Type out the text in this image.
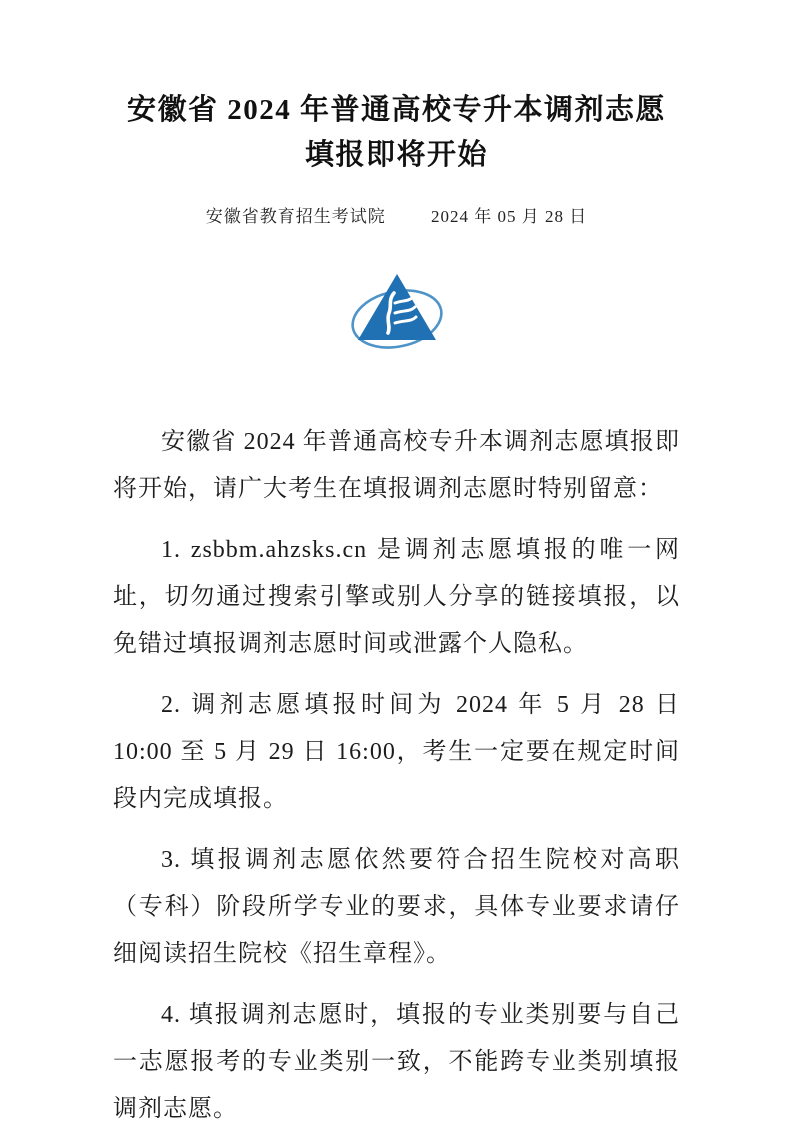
安徽省 2024 年普通高校专升本调剂志愿
填报即将开始
安徽省教育招生考试院	2024 年 05 月 28 日

安徽省 2024 年普通高校专升本调剂志愿填报即将开始，请广大考生在填报调剂志愿时特别留意：

1. zsbbm.ahzsks.cn 是调剂志愿填报的唯一网址，切勿通过搜索引擎或别人分享的链接填报，以免错过填报调剂志愿时间或泄露个人隐私。

2. 调剂志愿填报时间为 2024 年 5 月 28 日 10:00 至 5 月 29 日 16:00，考生一定要在规定时间段内完成填报。

3. 填报调剂志愿依然要符合招生院校对高职（专科）阶段所学专业的要求，具体专业要求请仔细阅读招生院校《招生章程》。

4. 填报调剂志愿时，填报的专业类别要与自己一志愿报考的专业类别一致，不能跨专业类别填报调剂志愿。
